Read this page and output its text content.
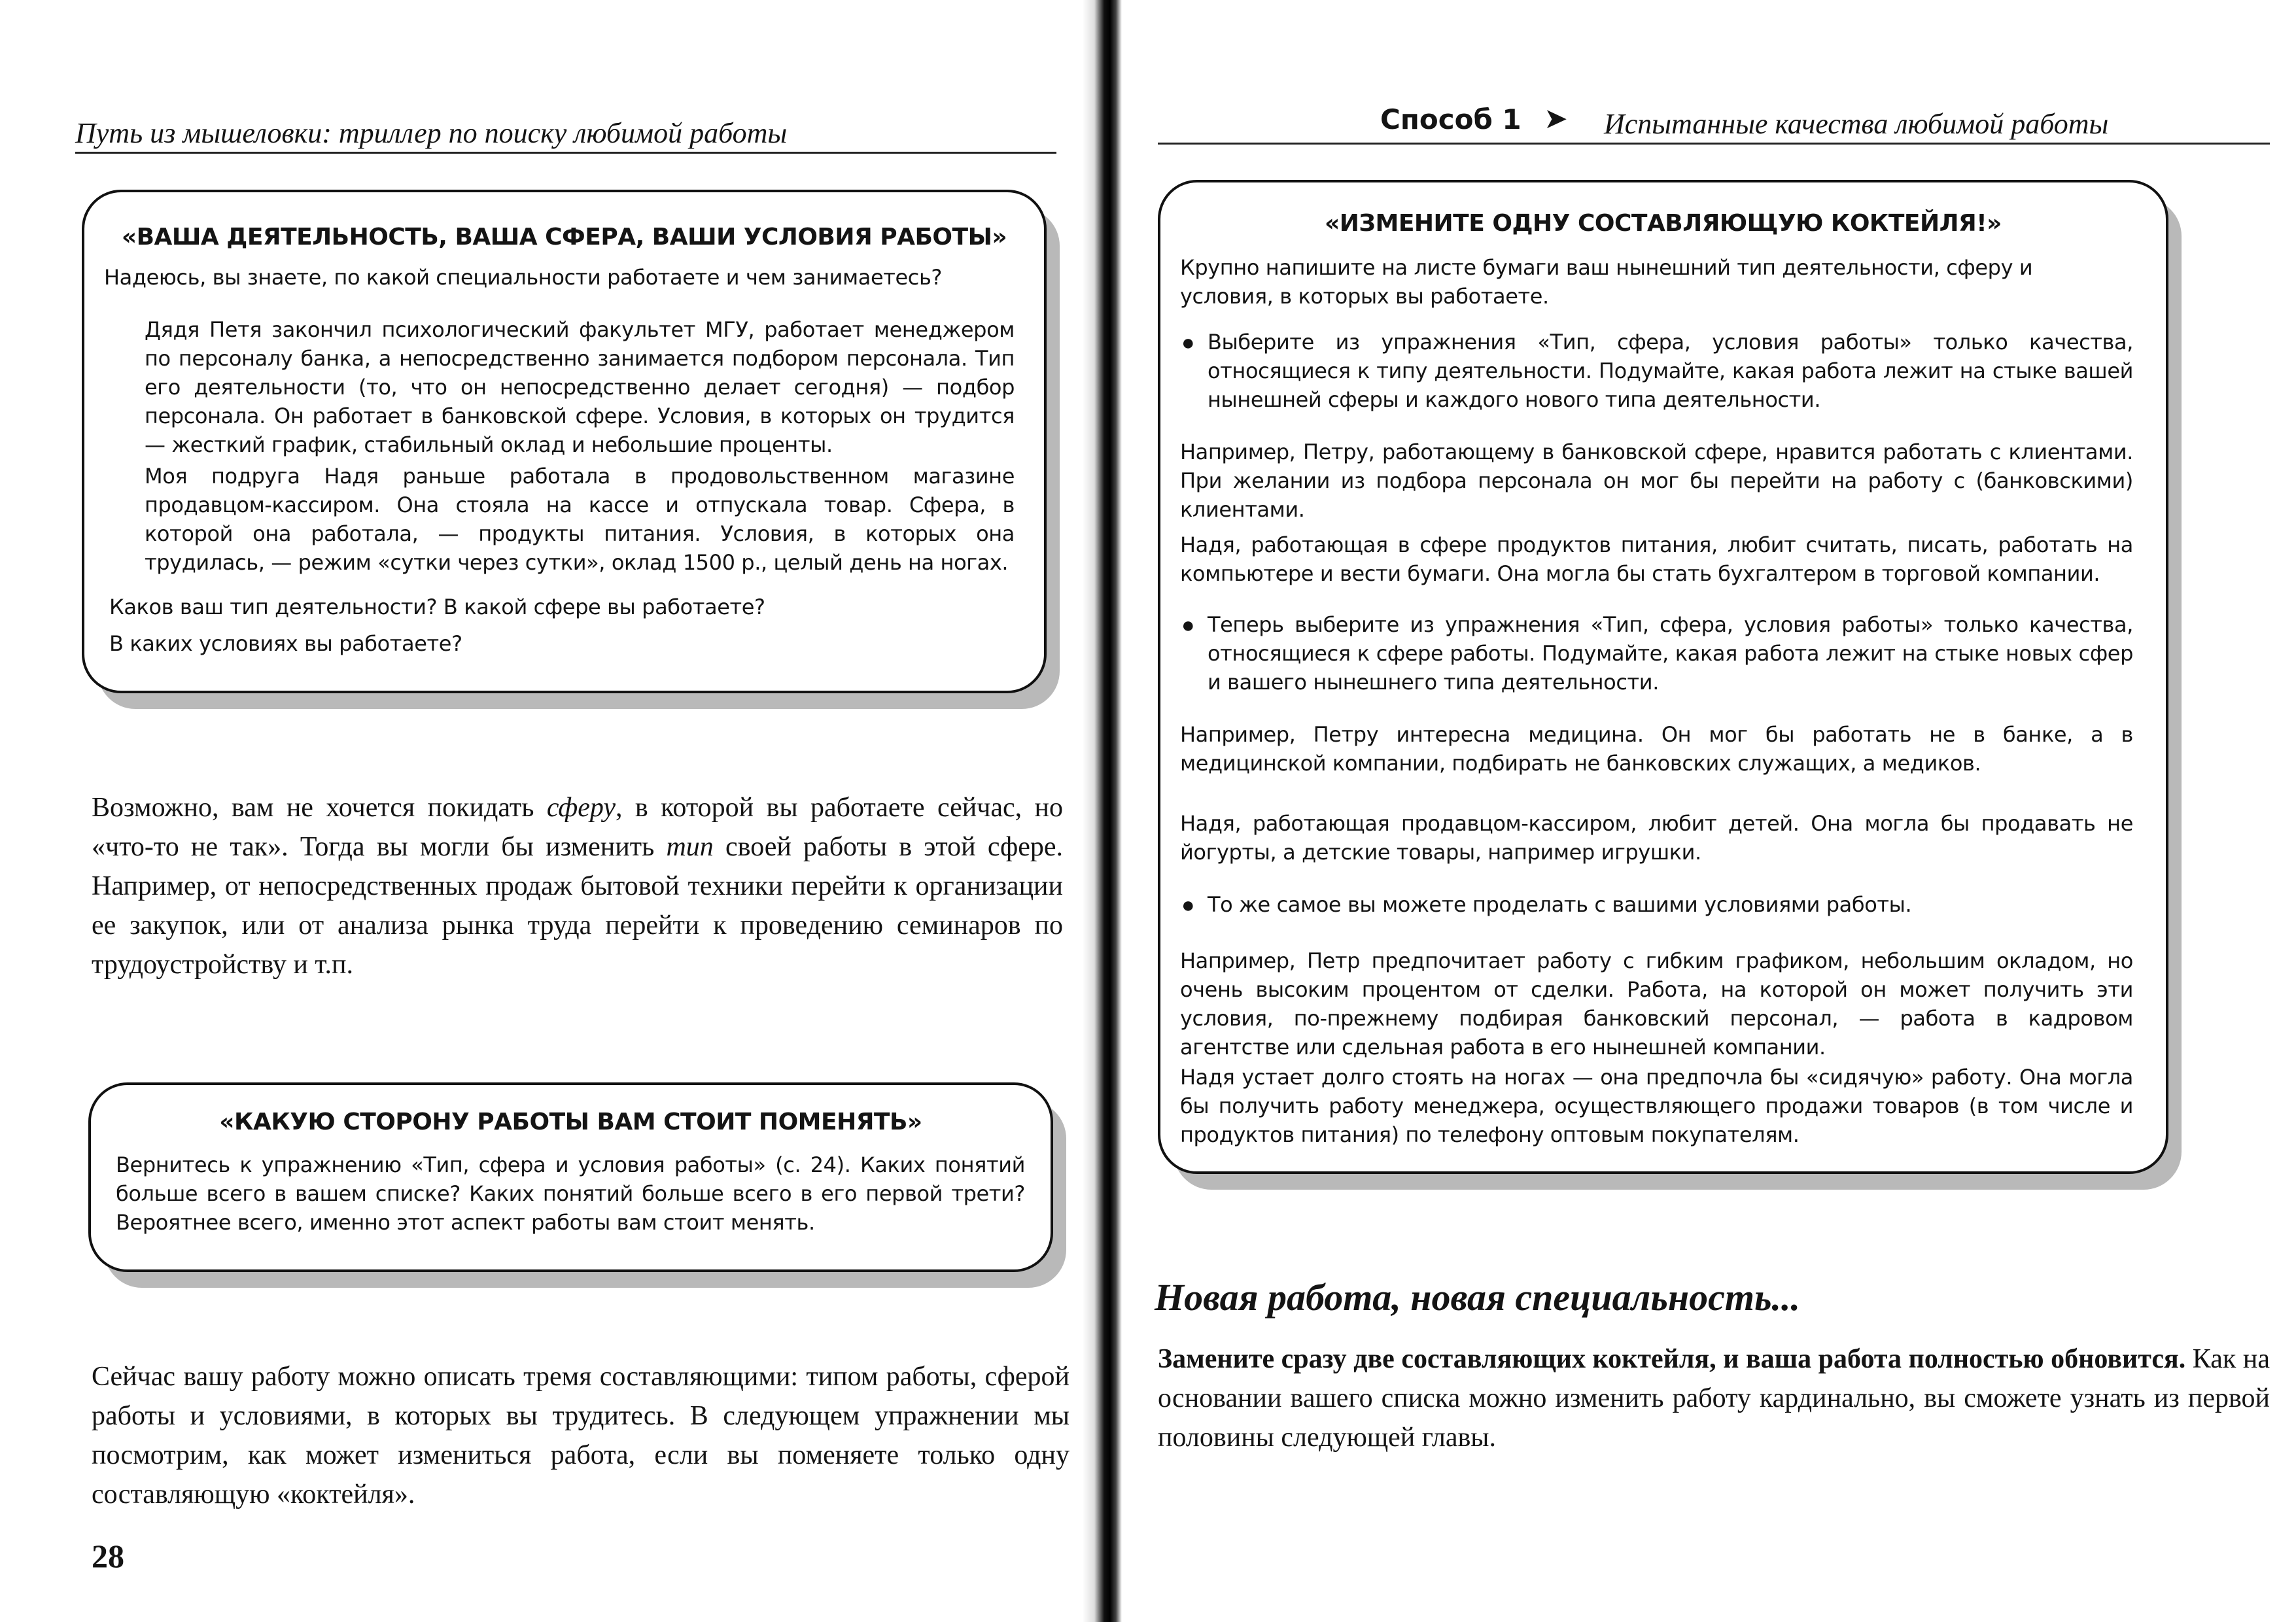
Путь из мышеловки: триллер по поиску любимой работы
«ВАША ДЕЯТЕЛЬНОСТЬ, ВАША СФЕРА, ВАШИ УСЛОВИЯ РАБОТЫ»
Надеюсь, вы знаете, по какой специальности работаете и чем занимаетесь?
Дядя Петя закончил психологический факультет МГУ, работает менеджером по персоналу банка, а непосредственно занимается подбором персонала. Тип его деятельности (то, что он непосредственно делает сегодня) — подбор персонала. Он работает в банковской сфере. Условия, в которых он трудится — жесткий график, стабильный оклад и небольшие проценты.
Моя подруга Надя раньше работала в продовольственном магазине продавцом-кассиром. Она стояла на кассе и отпускала товар. Сфера, в которой она работала, — продукты питания. Условия, в которых она трудилась, — режим «сутки через сутки», оклад 1500 р., целый день на ногах.
Каков ваш тип деятельности? В какой сфере вы работаете?
В каких условиях вы работаете?

Возможно, вам не хочется покидать сферу, в которой вы работаете сейчас, но «что-то не так». Тогда вы могли бы изменить тип своей работы в этой сфере. Например, от непосредственных продаж бытовой техники перейти к организации ее закупок, или от анализа рынка труда перейти к проведению семинаров по трудоустройству и т.п.

«КАКУЮ СТОРОНУ РАБОТЫ ВАМ СТОИТ ПОМЕНЯТЬ»
Вернитесь к упражнению «Тип, сфера и условия работы» (с. 24). Каких понятий больше всего в вашем списке? Каких понятий больше всего в его первой трети? Вероятнее всего, именно этот аспект работы вам стоит менять.

Сейчас вашу работу можно описать тремя составляющими: типом работы, сферой работы и условиями, в которых вы трудитесь. В следующем упражнении мы посмотрим, как может измениться работа, если вы поменяете только одну составляющую «коктейля».

28
Способ 1 ➤ Испытанные качества любимой работы
«ИЗМЕНИТЕ ОДНУ СОСТАВЛЯЮЩУЮ КОКТЕЙЛЯ!»
Крупно напишите на листе бумаги ваш нынешний тип деятельности, сферу и условия, в которых вы работаете.
● Выберите из упражнения «Тип, сфера, условия работы» только качества, относящиеся к типу деятельности. Подумайте, какая работа лежит на стыке вашей нынешней сферы и каждого нового типа деятельности.
Например, Петру, работающему в банковской сфере, нравится работать с клиентами. При желании из подбора персонала он мог бы перейти на работу с (банковскими) клиентами.
Надя, работающая в сфере продуктов питания, любит считать, писать, работать на компьютере и вести бумаги. Она могла бы стать бухгалтером в торговой компании.
● Теперь выберите из упражнения «Тип, сфера, условия работы» только качества, относящиеся к сфере работы. Подумайте, какая работа лежит на стыке новых сфер и вашего нынешнего типа деятельности.
Например, Петру интересна медицина. Он мог бы работать не в банке, а в медицинской компании, подбирать не банковских служащих, а медиков.
Надя, работающая продавцом-кассиром, любит детей. Она могла бы продавать не йогурты, а детские товары, например игрушки.
● То же самое вы можете проделать с вашими условиями работы.
Например, Петр предпочитает работу с гибким графиком, небольшим окладом, но очень высоким процентом от сделки. Работа, на которой он может получить эти условия, по-прежнему подбирая банковский персонал, — работа в кадровом агентстве или сдельная работа в его нынешней компании.
Надя устает долго стоять на ногах — она предпочла бы «сидячую» работу. Она могла бы получить работу менеджера, осуществляющего продажи товаров (в том числе и продуктов питания) по телефону оптовым покупателям.
Новая работа, новая специальность...

Замените сразу две составляющих коктейля, и ваша работа полностью обновится. Как на основании вашего списка можно изменить работу кардинально, вы сможете узнать из первой половины следующей главы.
